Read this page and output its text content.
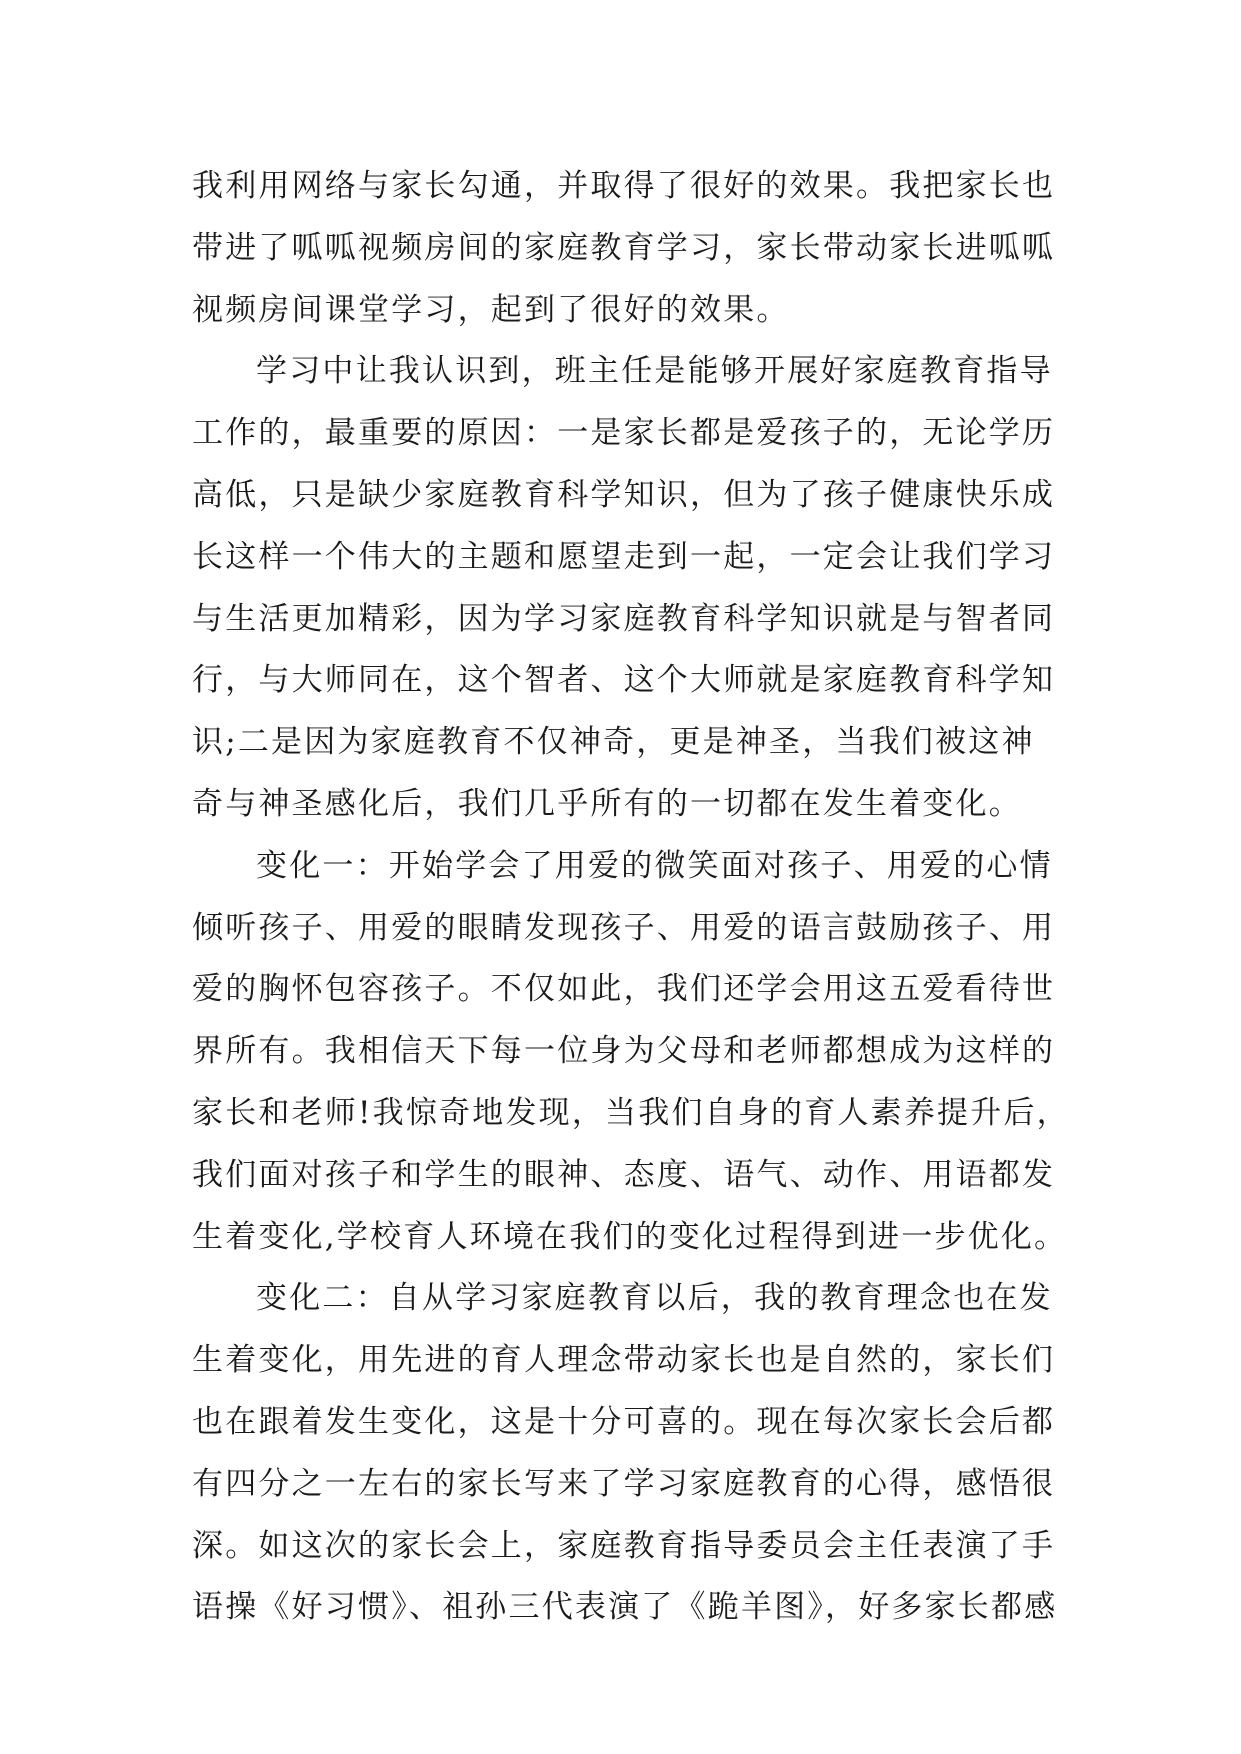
我利用网络与家长勾通，并取得了很好的效果。我把家长也
带进了呱呱视频房间的家庭教育学习，家长带动家长进呱呱
视频房间课堂学习，起到了很好的效果。
学习中让我认识到，班主任是能够开展好家庭教育指导
工作的，最重要的原因：一是家长都是爱孩子的，无论学历
高低，只是缺少家庭教育科学知识，但为了孩子健康快乐成
长这样一个伟大的主题和愿望走到一起，一定会让我们学习
与生活更加精彩，因为学习家庭教育科学知识就是与智者同
行，与大师同在，这个智者、这个大师就是家庭教育科学知
识;二是因为家庭教育不仅神奇，更是神圣，当我们被这神
奇与神圣感化后，我们几乎所有的一切都在发生着变化。
变化一：开始学会了用爱的微笑面对孩子、用爱的心情
倾听孩子、用爱的眼睛发现孩子、用爱的语言鼓励孩子、用
爱的胸怀包容孩子。不仅如此，我们还学会用这五爱看待世
界所有。我相信天下每一位身为父母和老师都想成为这样的
家长和老师!我惊奇地发现，当我们自身的育人素养提升后，
我们面对孩子和学生的眼神、态度、语气、动作、用语都发
生着变化,学校育人环境在我们的变化过程得到进一步优化。
变化二：自从学习家庭教育以后，我的教育理念也在发
生着变化，用先进的育人理念带动家长也是自然的，家长们
也在跟着发生变化，这是十分可喜的。现在每次家长会后都
有四分之一左右的家长写来了学习家庭教育的心得，感悟很
深。如这次的家长会上，家庭教育指导委员会主任表演了手
语操《好习惯》、祖孙三代表演了《跪羊图》，好多家长都感
